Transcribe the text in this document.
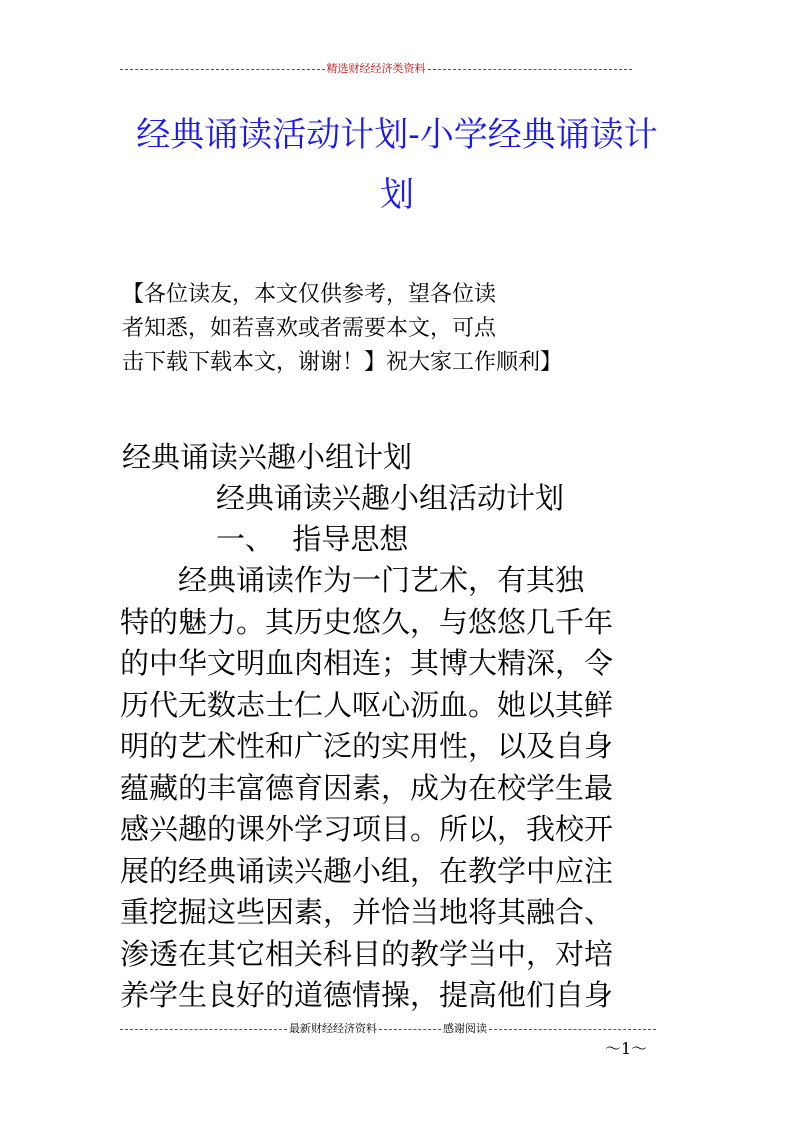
精选财经经济类资料
经典诵读活动计划-小学经典诵读计
划
【各位读友，本文仅供参考，望各位读
者知悉，如若喜欢或者需要本文，可点
击下载下载本文，谢谢！】祝大家工作顺利】
经典诵读兴趣小组计划
经典诵读兴趣小组活动计划
一、  指导思想
　　经典诵读作为一门艺术，有其独
特的魅力。其历史悠久，与悠悠几千年
的中华文明血肉相连；其博大精深，令
历代无数志士仁人呕心沥血。她以其鲜
明的艺术性和广泛的实用性，以及自身
蕴藏的丰富德育因素，成为在校学生最
感兴趣的课外学习项目。所以，我校开
展的经典诵读兴趣小组，在教学中应注
重挖掘这些因素，并恰当地将其融合、
渗透在其它相关科目的教学当中，对培
养学生良好的道德情操，提高他们自身
最新财经经济资料	感谢阅读
～1～
